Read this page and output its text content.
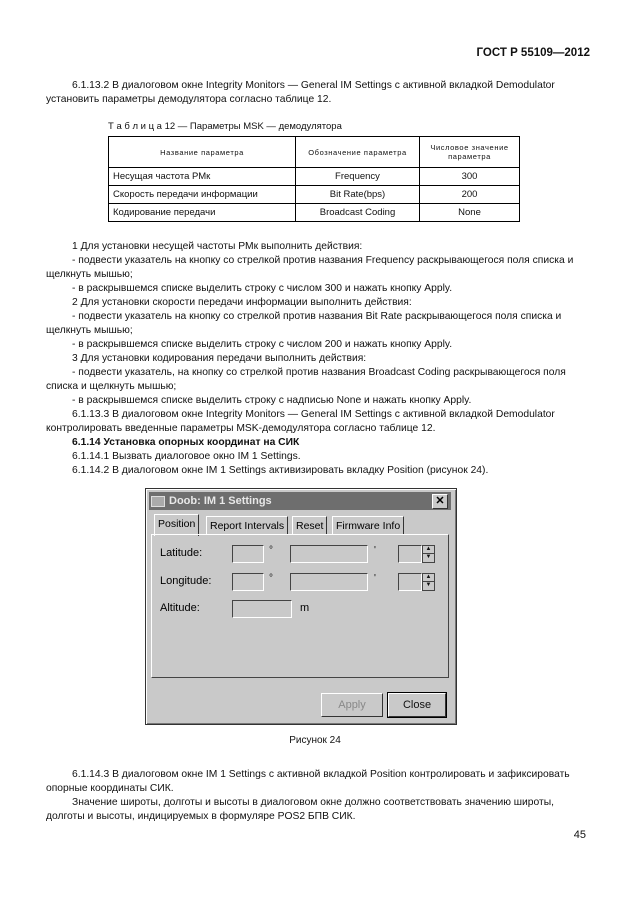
ГОСТ Р 55109—2012

6.1.13.2 В диалоговом окне Integrity Monitors — General IM Settings с активной вкладкой Demodulator установить параметры демодулятора согласно таблице 12.

Т а б л и ц а 12 — Параметры MSK — демодулятора
Название параметра	Обозначение параметра	Числовое значение параметра
Несущая частота РМк	Frequency	300
Скорость передачи информации	Bit Rate(bps)	200
Кодирование передачи	Broadcast Coding	None

1 Для установки несущей частоты РМк выполнить действия:

- подвести указатель на кнопку со стрелкой против названия Frequency раскрывающегося поля списка и щелкнуть мышью;

- в раскрывшемся списке выделить строку с числом 300 и нажать кнопку Apply.

2 Для установки скорости передачи информации выполнить действия:

- подвести указатель на кнопку со стрелкой против названия Bit Rate раскрывающегося поля списка и щелкнуть мышью;

- в раскрывшемся списке выделить строку с числом 200 и нажать кнопку Apply.

3 Для установки кодирования передачи выполнить действия:

- подвести указатель, на кнопку со стрелкой против названия Broadcast Coding раскрывающегося поля списка и щелкнуть мышью;

- в раскрывшемся списке выделить строку с надписью None и нажать кнопку Apply.

6.1.13.3 В диалоговом окне Integrity Monitors — General IM Settings с активной вкладкой Demodulator контролировать введенные параметры MSK-демодулятора согласно таблице 12.

6.1.14 Установка опорных координат на СИК

6.1.14.1 Вызвать диалоговое окно IM 1 Settings.

6.1.14.2 В диалоговом окне IM 1 Settings активизировать вкладку Position (рисунок 24).

Doob: IM 1 Settings	✕
Position	Report Intervals	Reset	Firmware Info
Latitude:	°	'	▲
▼
Longitude:	°	'	▲
▼
Altitude:	m
Apply	Close
Рисунок 24

6.1.14.3 В диалоговом окне IM 1 Settings с активной вкладкой Position контролировать и зафиксировать опорные координаты СИК.

Значение широты, долготы и высоты в диалоговом окне должно соответствовать значению широты, долготы и высоты, индицируемых в формуляре POS2 БПВ СИК.

45
